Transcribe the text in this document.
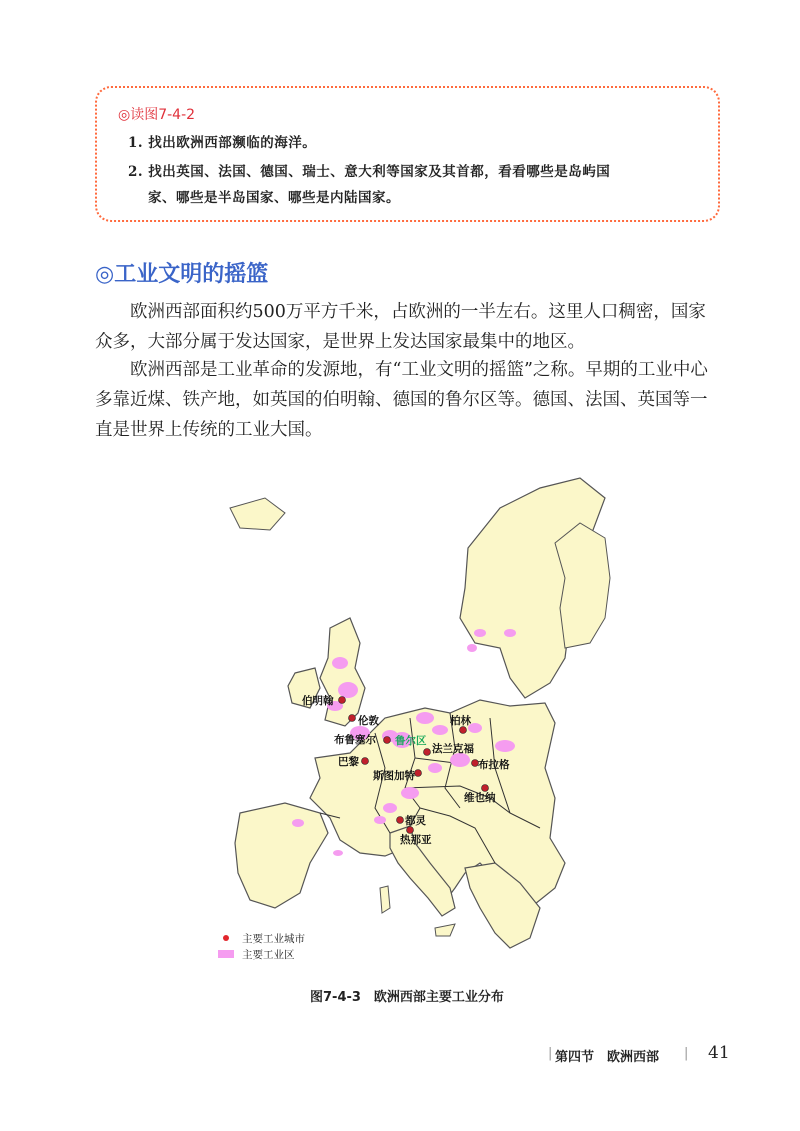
◎读图7-4-2
1. 找出欧洲西部濒临的海洋。
2. 找出英国、法国、德国、瑞士、意大利等国家及其首都，看看哪些是岛屿国
家、哪些是半岛国家、哪些是内陆国家。
◎工业文明的摇篮
欧洲西部面积约500万平方千米，占欧洲的一半左右。这里人口稠密，国家众多，大部分属于发达国家，是世界上发达国家最集中的地区。
欧洲西部是工业革命的发源地，有“工业文明的摇篮”之称。早期的工业中心多靠近煤、铁产地，如英国的伯明翰、德国的鲁尔区等。德国、法国、英国等一直是世界上传统的工业大国。
伯明翰
伦敦
布鲁塞尔 鲁尔区
柏林
法兰克福
布拉格
巴黎
斯图加特
维也纳
都灵
热那亚
主要工业城市
主要工业区
图7-4-3　欧洲西部主要工业分布
| 第四节　欧洲西部 | 41
